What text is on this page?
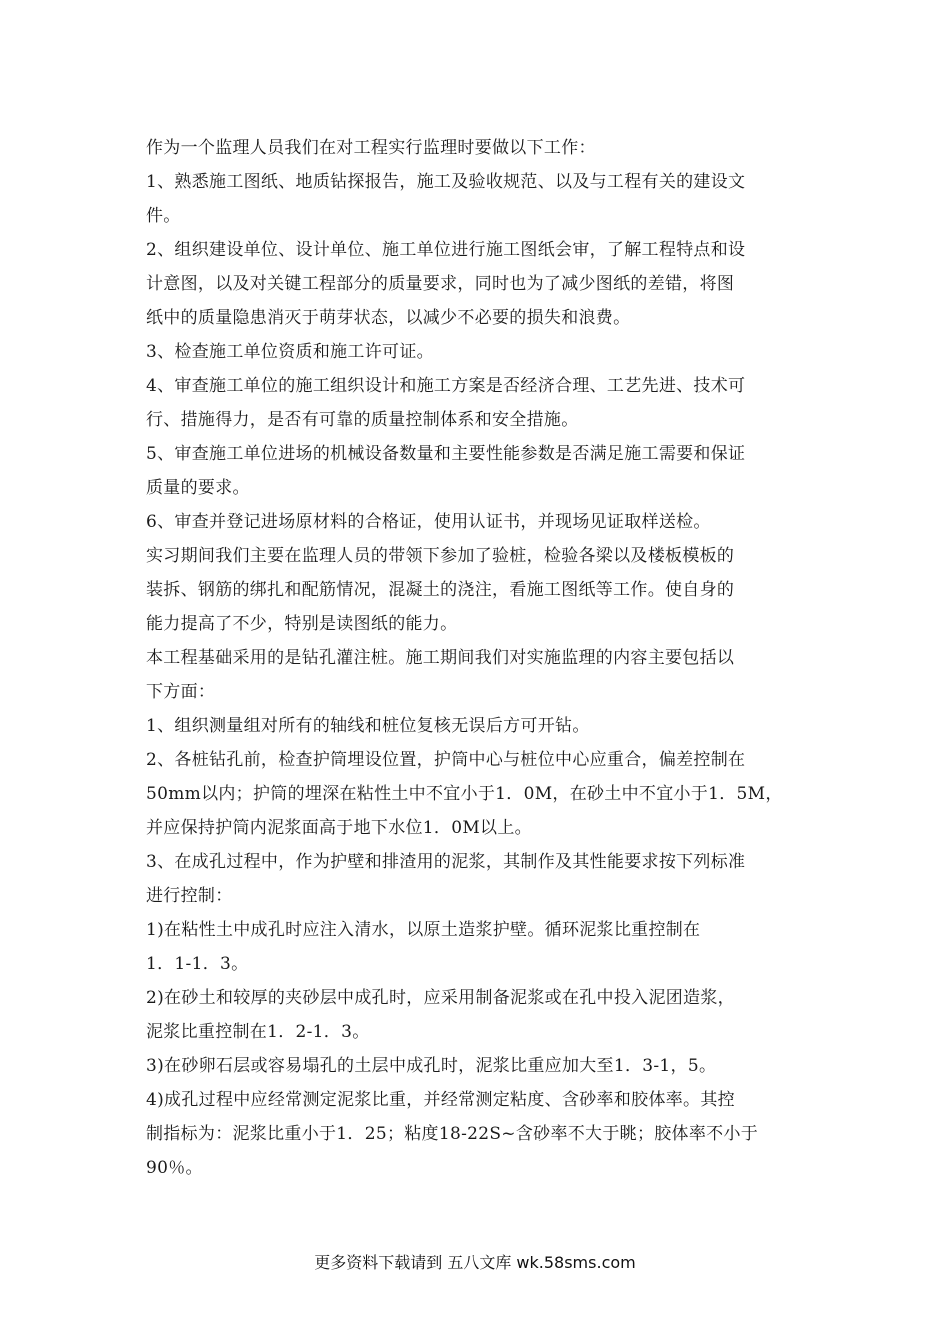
作为一个监理人员我们在对工程实行监理时要做以下工作：
1、熟悉施工图纸、地质钻探报告，施工及验收规范、以及与工程有关的建设文
件。
2、组织建设单位、设计单位、施工单位进行施工图纸会审，了解工程特点和设
计意图，以及对关键工程部分的质量要求，同时也为了减少图纸的差错，将图
纸中的质量隐患消灭于萌芽状态，以减少不必要的损失和浪费。
3、检查施工单位资质和施工许可证。
4、审查施工单位的施工组织设计和施工方案是否经济合理、工艺先进、技术可
行、措施得力，是否有可靠的质量控制体系和安全措施。
5、审查施工单位进场的机械设备数量和主要性能参数是否满足施工需要和保证
质量的要求。
6、审查并登记进场原材料的合格证，使用认证书，并现场见证取样送检。
实习期间我们主要在监理人员的带领下参加了验桩，检验各梁以及楼板模板的
装拆、钢筋的绑扎和配筋情况，混凝土的浇注，看施工图纸等工作。使自身的
能力提高了不少，特别是读图纸的能力。
本工程基础采用的是钻孔灌注桩。施工期间我们对实施监理的内容主要包括以
下方面：
1、组织测量组对所有的轴线和桩位复核无误后方可开钻。
2、各桩钻孔前，检查护筒埋设位置，护筒中心与桩位中心应重合，偏差控制在
50mm以内；护筒的埋深在粘性土中不宜小于1．0M，在砂土中不宜小于1．5M，
并应保持护筒内泥浆面高于地下水位1．0M以上。
3、在成孔过程中，作为护壁和排渣用的泥浆，其制作及其性能要求按下列标准
进行控制：
1)在粘性土中成孔时应注入清水，以原土造浆护壁。循环泥浆比重控制在
1．1-1．3。
2)在砂土和较厚的夹砂层中成孔时，应采用制备泥浆或在孔中投入泥团造浆，
泥浆比重控制在1．2-1．3。
3)在砂卵石层或容易塌孔的土层中成孔时，泥浆比重应加大至1．3-1，5。
4)成孔过程中应经常测定泥浆比重，并经常测定粘度、含砂率和胶体率。其控
制指标为：泥浆比重小于1．25；粘度18-22S~含砂率不大于眺；胶体率不小于
90％。
更多资料下载请到 五八文库 wk.58sms.com
